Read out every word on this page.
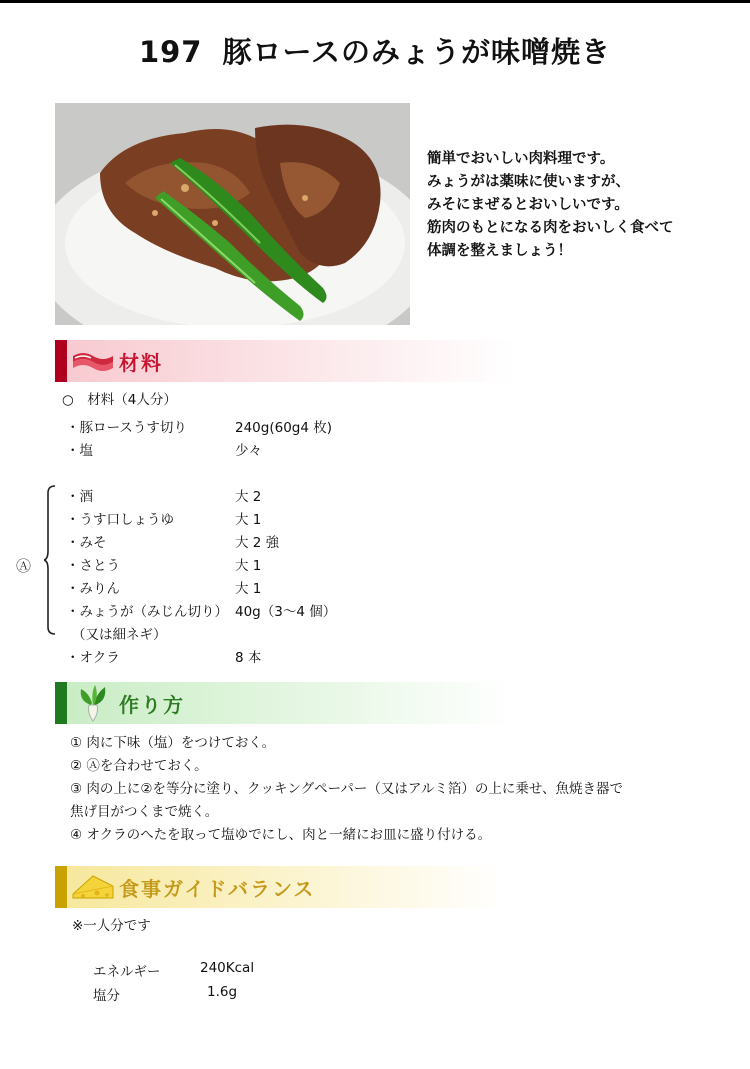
197 豚ロースのみょうが味噌焼き
簡単でおいしい肉料理です。
みょうがは薬味に使いますが、
みそにまぜるとおいしいです。
筋肉のもとになる肉をおいしく食べて
体調を整えましょう！
材料
○　材料（4人分）
・豚ロースうす切り	240g(60g4 枚)
・塩	少々
Ⓐ
・酒	大 2
・うす口しょうゆ	大 1
・みそ	大 2 強
・さとう	大 1
・みりん	大 1
・みょうが（みじん切り） 40g（3～4 個）
（又は細ネギ）
・オクラ	8 本
作り方
① 肉に下味（塩）をつけておく。
② Ⓐを合わせておく。
③ 肉の上に②を等分に塗り、クッキングペーパー（又はアルミ箔）の上に乗せ、魚焼き器で
焦げ目がつくまで焼く。
④ オクラのへたを取って塩ゆでにし、肉と一緒にお皿に盛り付ける。
食事ガイドバランス
※一人分です
エネルギー	240Kcal
塩分	1.6g
